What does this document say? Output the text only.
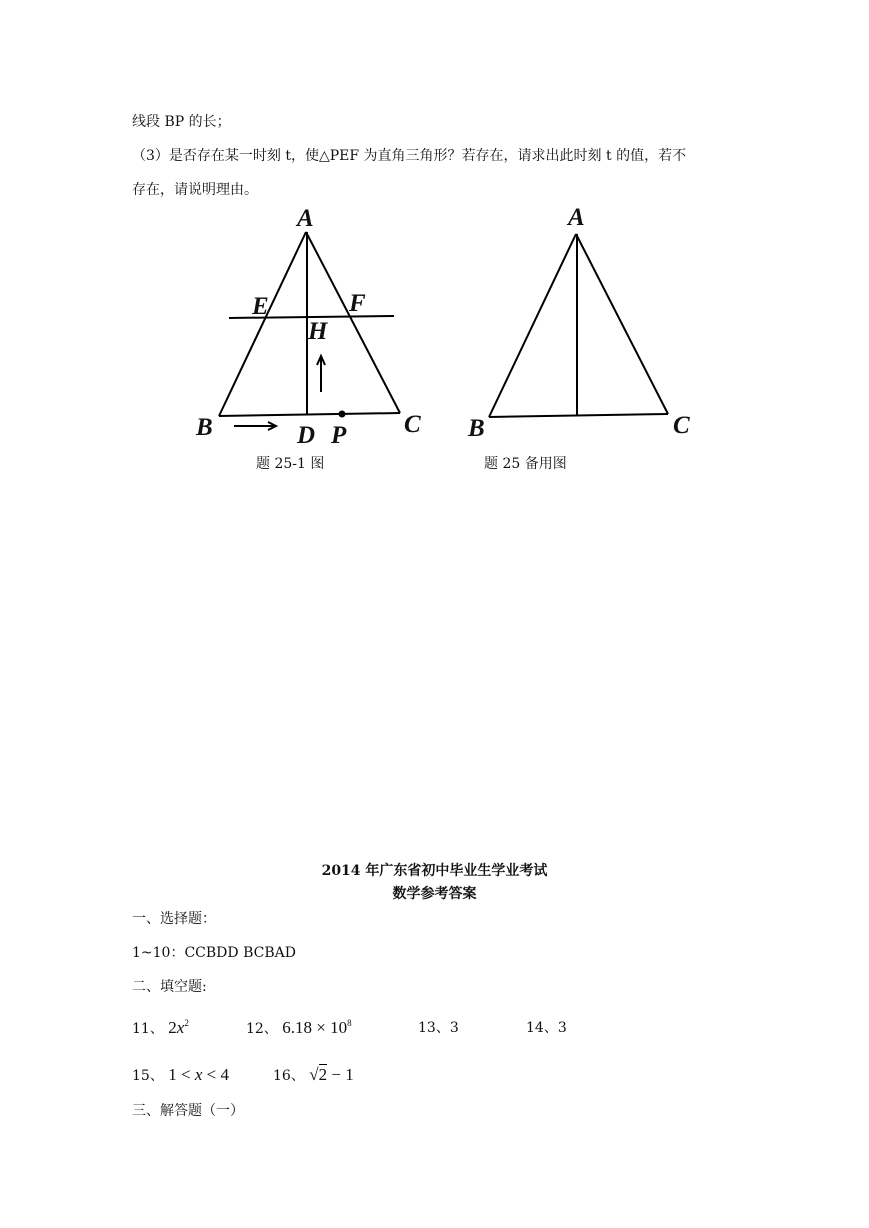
线段 BP 的长；
（3）是否存在某一时刻 t，使△PEF 为直角三角形？若存在，请求出此时刻 t 的值，若不
存在，请说明理由。
A
E	F
H
B	D P C
题 25-1 图
A
B	C
题 25 备用图
2014 年广东省初中毕业生学业考试
数学参考答案
一、选择题：
1~10：CCBDD BCBAD
二、填空题:
11、 $2x^2$	12、 $6.18 \times 10^8$	13、3	14、3
15、 1 < x < 4	16、 √2 − 1
三、解答题（一）
